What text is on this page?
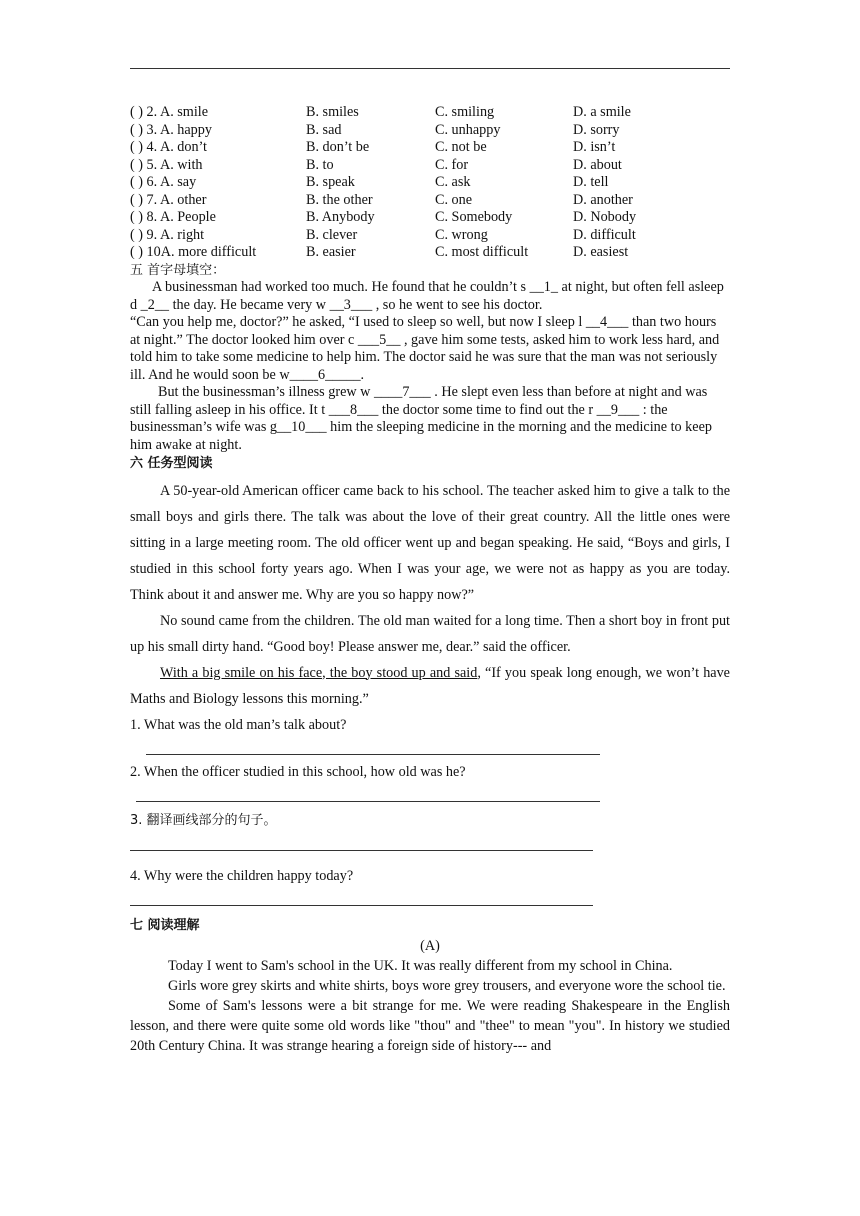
( ) 2. A. smile	B. smiles	C. smiling	D. a smile
( ) 3. A. happy	B. sad	C. unhappy	D. sorry
( ) 4. A. don’t	B. don’t be	C. not be	D. isn’t
( ) 5. A. with	B. to	C. for	D. about
( ) 6. A. say	B. speak	C. ask	D. tell
( ) 7. A. other	B. the other	C. one	D. another
( ) 8. A. People	B. Anybody	C. Somebody	D. Nobody
( ) 9. A. right	B. clever	C. wrong	D. difficult
( ) 10A. more difficult	B. easier	C. most difficult	D. easiest
五 首字母填空：

A businessman had worked too much. He found that he couldn’t s __1_ at night, but often fell asleep d _2__ the day. He became very w __3___ , so he went to see his doctor.

“Can you help me, doctor?” he asked, “I used to sleep so well, but now I sleep l __4___ than two hours at night.” The doctor looked him over c ___5__ , gave him some tests, asked him to work less hard, and told him to take some medicine to help him. The doctor said he was sure that the man was not seriously ill. And he would soon be w____6_____.

But the businessman’s illness grew w ____7___ . He slept even less than before at night and was still falling asleep in his office. It t ___8___ the doctor some time to find out the r __9___ : the businessman’s wife was g__10___ him the sleeping medicine in the morning and the medicine to keep him awake at night.

六 任务型阅读

A 50-year-old American officer came back to his school. The teacher asked him to give a talk to the small boys and girls there. The talk was about the love of their great country. All the little ones were sitting in a large meeting room. The old officer went up and began speaking. He said, “Boys and girls, I studied in this school forty years ago. When I was your age, we were not as happy as you are today. Think about it and answer me. Why are you so happy now?”

No sound came from the children. The old man waited for a long time. Then a short boy in front put up his small dirty hand. “Good boy! Please answer me, dear.” said the officer.

With a big smile on his face, the boy stood up and said, “If you speak long enough, we won’t have Maths and Biology lessons this morning.”

1. What was the old man’s talk about?

2. When the officer studied in this school, how old was he?

3. 翻译画线部分的句子。

4. Why were the children happy today?

七 阅读理解
(A)

Today I went to Sam's school in the UK. It was really different from my school in China.

Girls wore grey skirts and white shirts, boys wore grey trousers, and everyone wore the school tie.

Some of Sam's lessons were a bit strange for me. We were reading Shakespeare in the English lesson, and there were quite some old words like "thou" and "thee" to mean "you". In history we studied 20th Century China. It was strange hearing a foreign side of history--- and
